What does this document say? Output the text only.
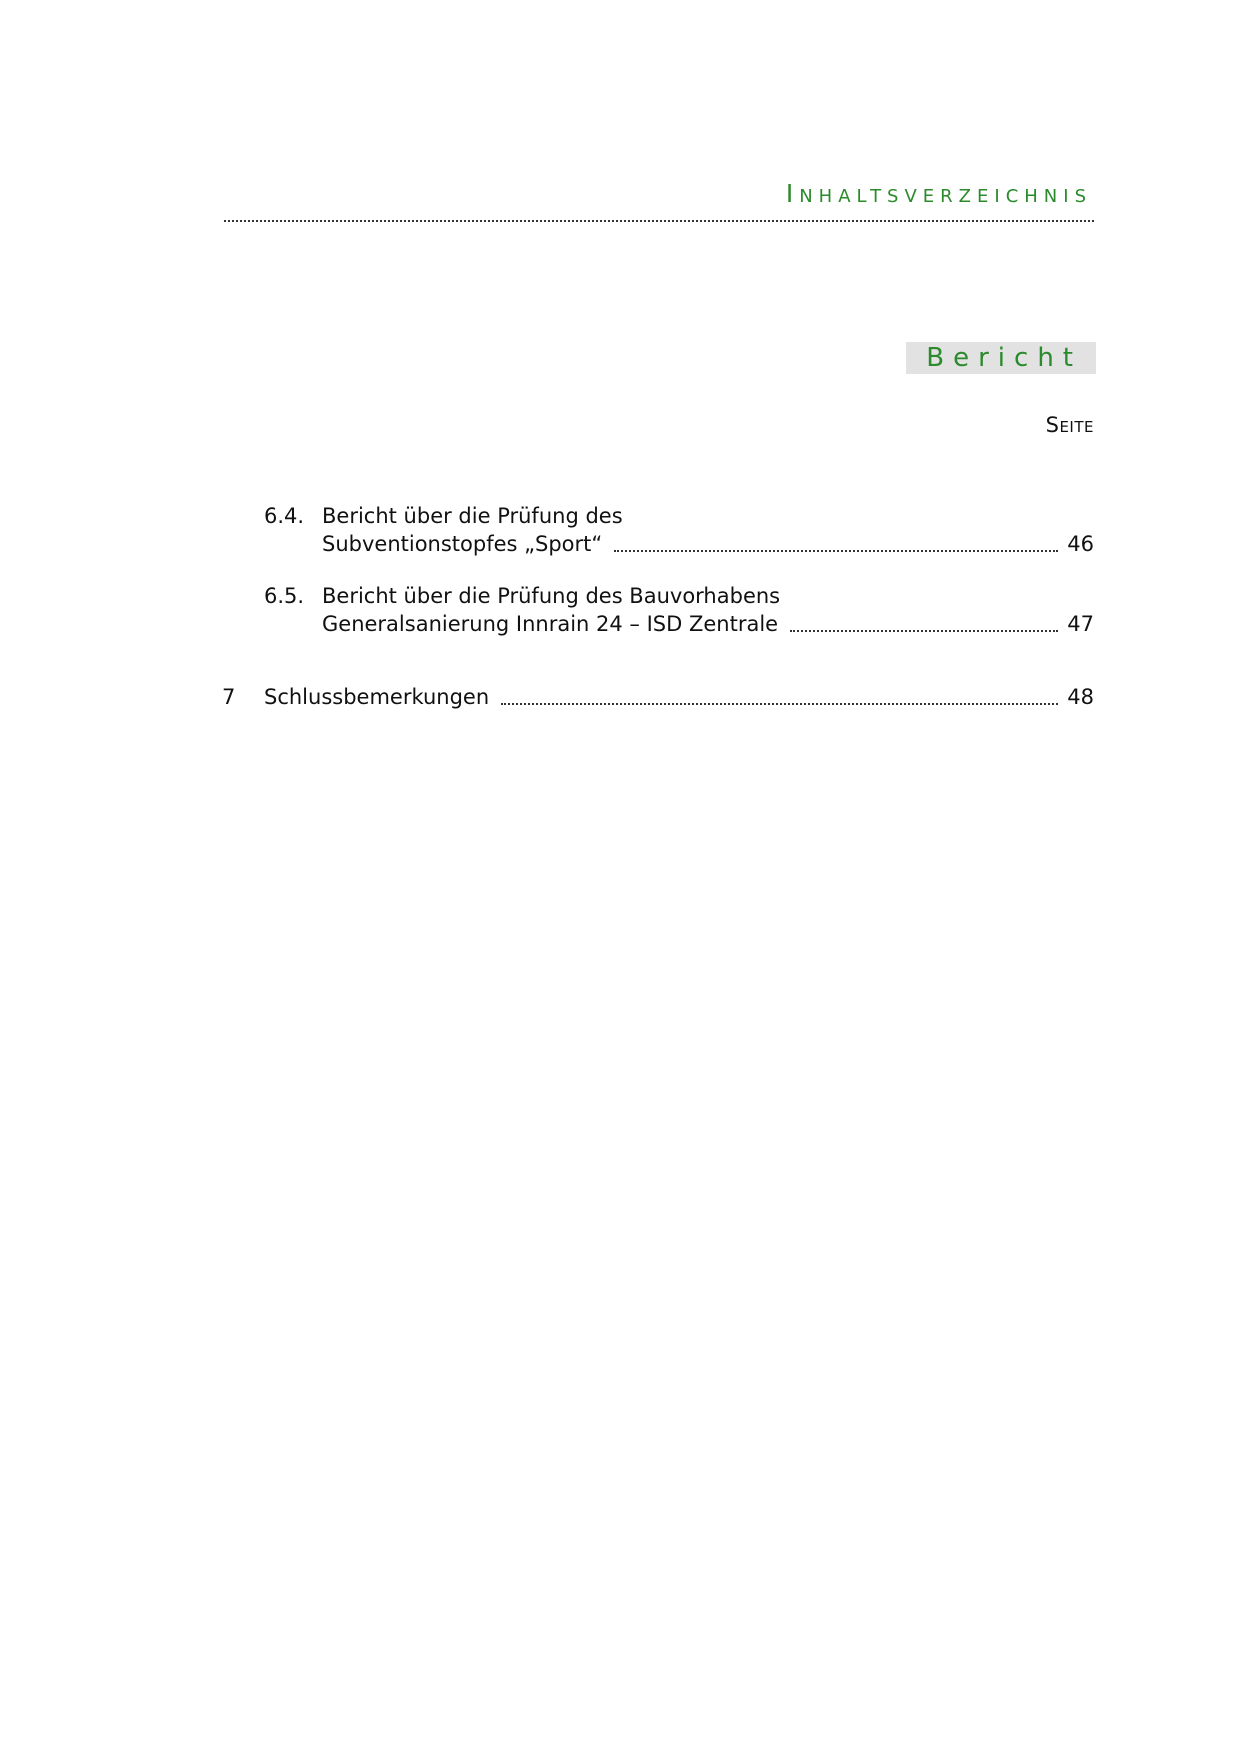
INHALTSVERZEICHNIS
Bericht
SEITE
6.4. Bericht über die Prüfung des
Subventionstopfes „Sport“	46
6.5. Bericht über die Prüfung des Bauvorhabens
Generalsanierung Innrain 24 – ISD Zentrale	47
7 Schlussbemerkungen	48
